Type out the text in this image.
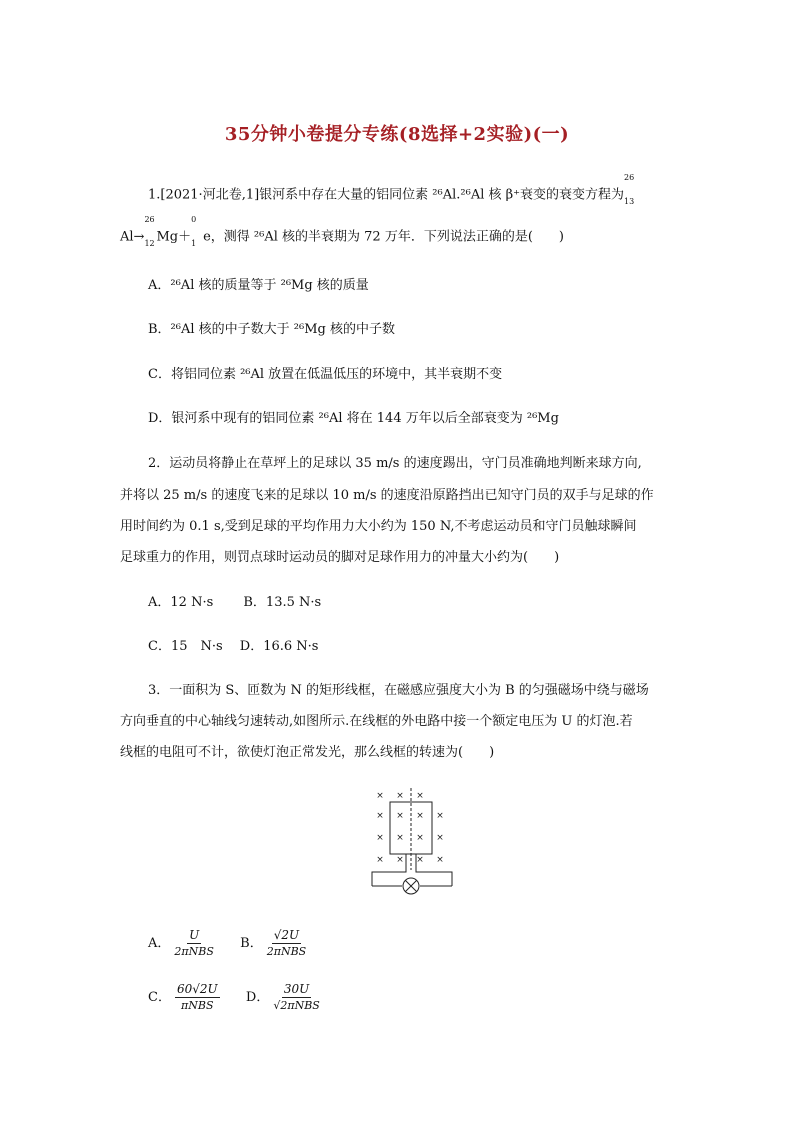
35分钟小卷提分专练(8选择+2实验)(一)
1.[2021·河北卷,1]银河系中存在大量的铝同位素 ²⁶Al.²⁶Al 核 β⁺衰变的衰变方程为
26
13
Al→
26
12 Mg＋
0
1 e，测得 ²⁶Al 核的半衰期为 72 万年．下列说法正确的是(　　)
A．²⁶Al 核的质量等于 ²⁶Mg 核的质量
B．²⁶Al 核的中子数大于 ²⁶Mg 核的中子数
C．将铝同位素 ²⁶Al 放置在低温低压的环境中，其半衰期不变
D．银河系中现有的铝同位素 ²⁶Al 将在 144 万年以后全部衰变为 ²⁶Mg
2．运动员将静止在草坪上的足球以 35 m/s 的速度踢出，守门员准确地判断来球方向,
并将以 25 m/s 的速度飞来的足球以 10 m/s 的速度沿原路挡出已知守门员的双手与足球的作
用时间约为 0.1 s,受到足球的平均作用力大小约为 150 N,不考虑运动员和守门员触球瞬间
足球重力的作用，则罚点球时运动员的脚对足球作用力的冲量大小约为(　　)
A．12 N·s　　 B．13.5 N·s
C．15　N·s　 D．16.6 N·s
3．一面积为 S、匝数为 N 的矩形线框，在磁感应强度大小为 B 的匀强磁场中绕与磁场
方向垂直的中心轴线匀速转动,如图所示.在线框的外电路中接一个额定电压为 U 的灯泡.若
线框的电阻可不计，欲使灯泡正常发光，那么线框的转速为(　　)
× × ×
× × × ×
× × × ×
× × × ×
A． $\frac{U}{\text{2πNBS}}$ B． $\frac{√2U}{\text{2πNBS}}$
C． $\frac{60√2U}{\text{πNBS}}$ D． $\frac{30U}{\text{√2πNBS}}$
